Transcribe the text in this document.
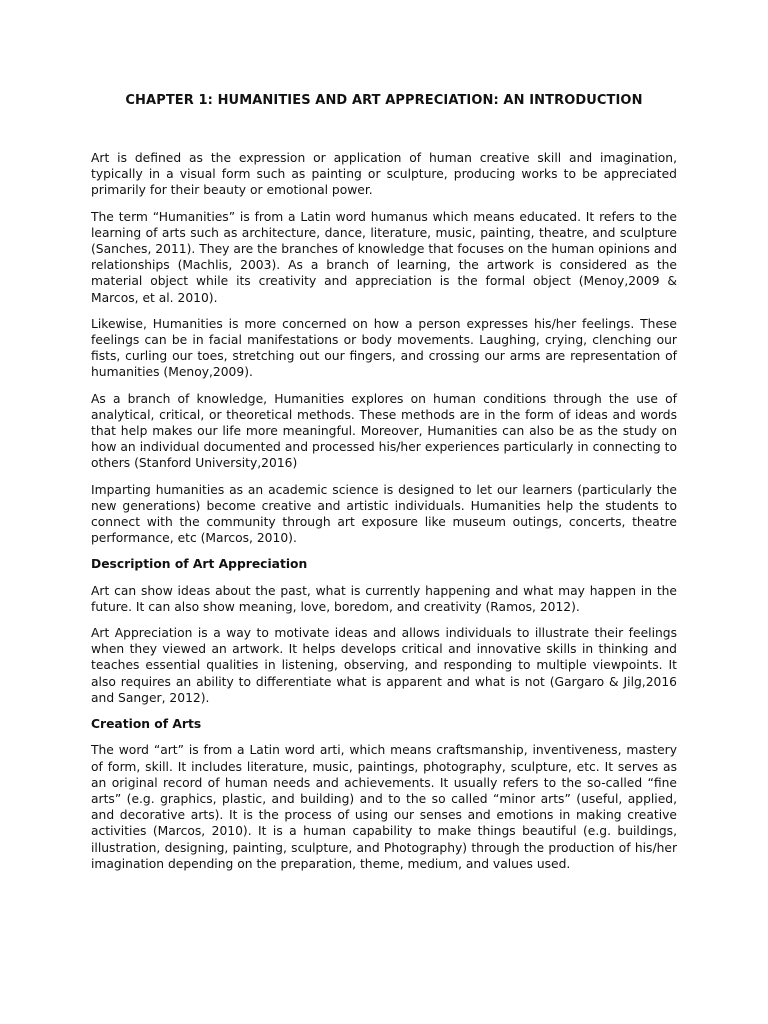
CHAPTER 1: HUMANITIES AND ART APPRECIATION: AN INTRODUCTION

Art is defined as the expression or application of human creative skill and imagination, typically in a visual form such as painting or sculpture, producing works to be appreciated primarily for their beauty or emotional power.

The term “Humanities” is from a Latin word humanus which means educated. It refers to the learning of arts such as architecture, dance, literature, music, painting, theatre, and sculpture (Sanches, 2011). They are the branches of knowledge that focuses on the human opinions and relationships (Machlis, 2003). As a branch of learning, the artwork is considered as the material object while its creativity and appreciation is the formal object (Menoy,2009 & Marcos, et al. 2010).

Likewise, Humanities is more concerned on how a person expresses his/her feelings. These feelings can be in facial manifestations or body movements. Laughing, crying, clenching our fists, curling our toes, stretching out our fingers, and crossing our arms are representation of humanities (Menoy,2009).

As a branch of knowledge, Humanities explores on human conditions through the use of analytical, critical, or theoretical methods. These methods are in the form of ideas and words that help makes our life more meaningful. Moreover, Humanities can also be as the study on how an individual documented and processed his/her experiences particularly in connecting to others (Stanford University,2016)

Imparting humanities as an academic science is designed to let our learners (particularly the new generations) become creative and artistic individuals. Humanities help the students to connect with the community through art exposure like museum outings, concerts, theatre performance, etc (Marcos, 2010).

Description of Art Appreciation

Art can show ideas about the past, what is currently happening and what may happen in the future. It can also show meaning, love, boredom, and creativity (Ramos, 2012).

Art Appreciation is a way to motivate ideas and allows individuals to illustrate their feelings when they viewed an artwork. It helps develops critical and innovative skills in thinking and teaches essential qualities in listening, observing, and responding to multiple viewpoints. It also requires an ability to differentiate what is apparent and what is not (Gargaro & Jilg,2016 and Sanger, 2012).

Creation of Arts

The word “art” is from a Latin word arti, which means craftsmanship, inventiveness, mastery of form, skill. It includes literature, music, paintings, photography, sculpture, etc. It serves as an original record of human needs and achievements. It usually refers to the so-called “fine arts” (e.g. graphics, plastic, and building) and to the so called “minor arts” (useful, applied, and decorative arts). It is the process of using our senses and emotions in making creative activities (Marcos, 2010). It is a human capability to make things beautiful (e.g. buildings, illustration, designing, painting, sculpture, and Photography) through the production of his/her imagination depending on the preparation, theme, medium, and values used.
